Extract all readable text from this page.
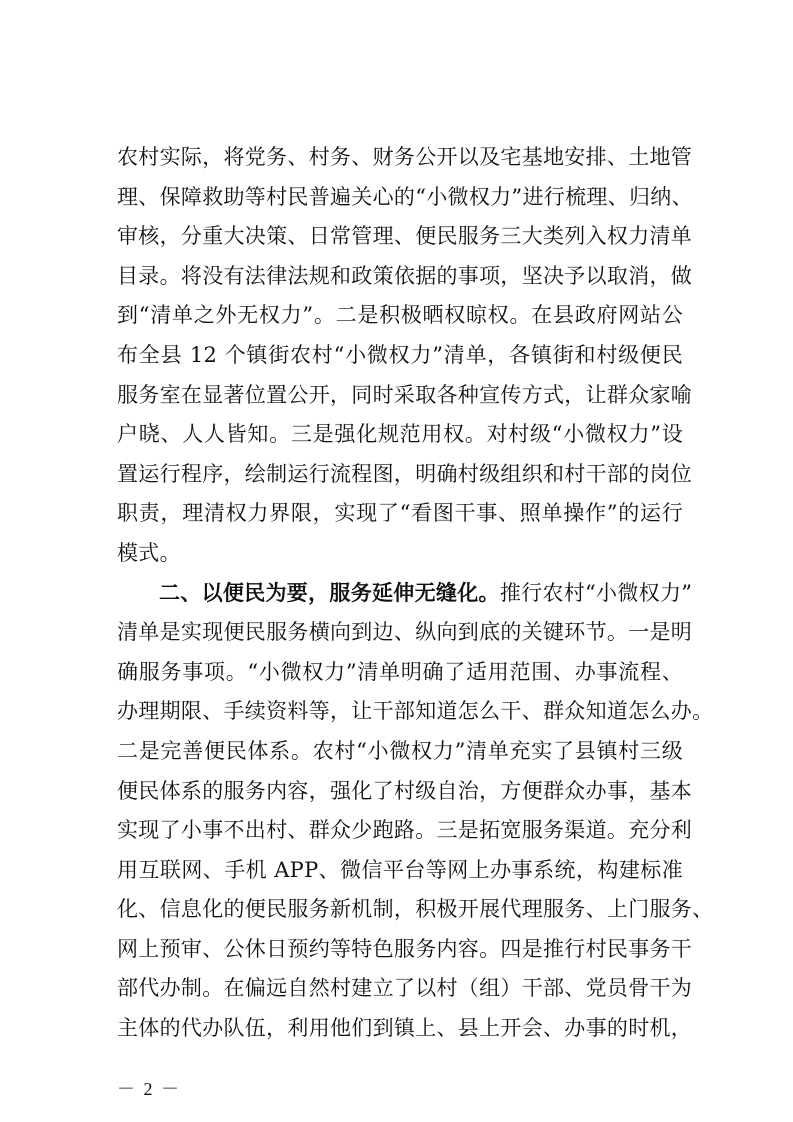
农村实际，将党务、村务、财务公开以及宅基地安排、土地管
理、保障救助等村民普遍关心的“小微权力”进行梳理、归纳、
审核，分重大决策、日常管理、便民服务三大类列入权力清单
目录。将没有法律法规和政策依据的事项，坚决予以取消，做
到“清单之外无权力”。二是积极晒权晾权。在县政府网站公
布全县 12 个镇街农村“小微权力”清单，各镇街和村级便民
服务室在显著位置公开，同时采取各种宣传方式，让群众家喻
户晓、人人皆知。三是强化规范用权。对村级“小微权力”设
置运行程序，绘制运行流程图，明确村级组织和村干部的岗位
职责，理清权力界限，实现了“看图干事、照单操作”的运行
模式。
二、以便民为要，服务延伸无缝化。推行农村“小微权力”
清单是实现便民服务横向到边、纵向到底的关键环节。一是明
确服务事项。“小微权力”清单明确了适用范围、办事流程、
办理期限、手续资料等，让干部知道怎么干、群众知道怎么办。
二是完善便民体系。农村“小微权力”清单充实了县镇村三级
便民体系的服务内容，强化了村级自治，方便群众办事，基本
实现了小事不出村、群众少跑路。三是拓宽服务渠道。充分利
用互联网、手机 APP、微信平台等网上办事系统，构建标准
化、信息化的便民服务新机制，积极开展代理服务、上门服务、
网上预审、公休日预约等特色服务内容。四是推行村民事务干
部代办制。在偏远自然村建立了以村（组）干部、党员骨干为
主体的代办队伍，利用他们到镇上、县上开会、办事的时机，
－ 2 －
